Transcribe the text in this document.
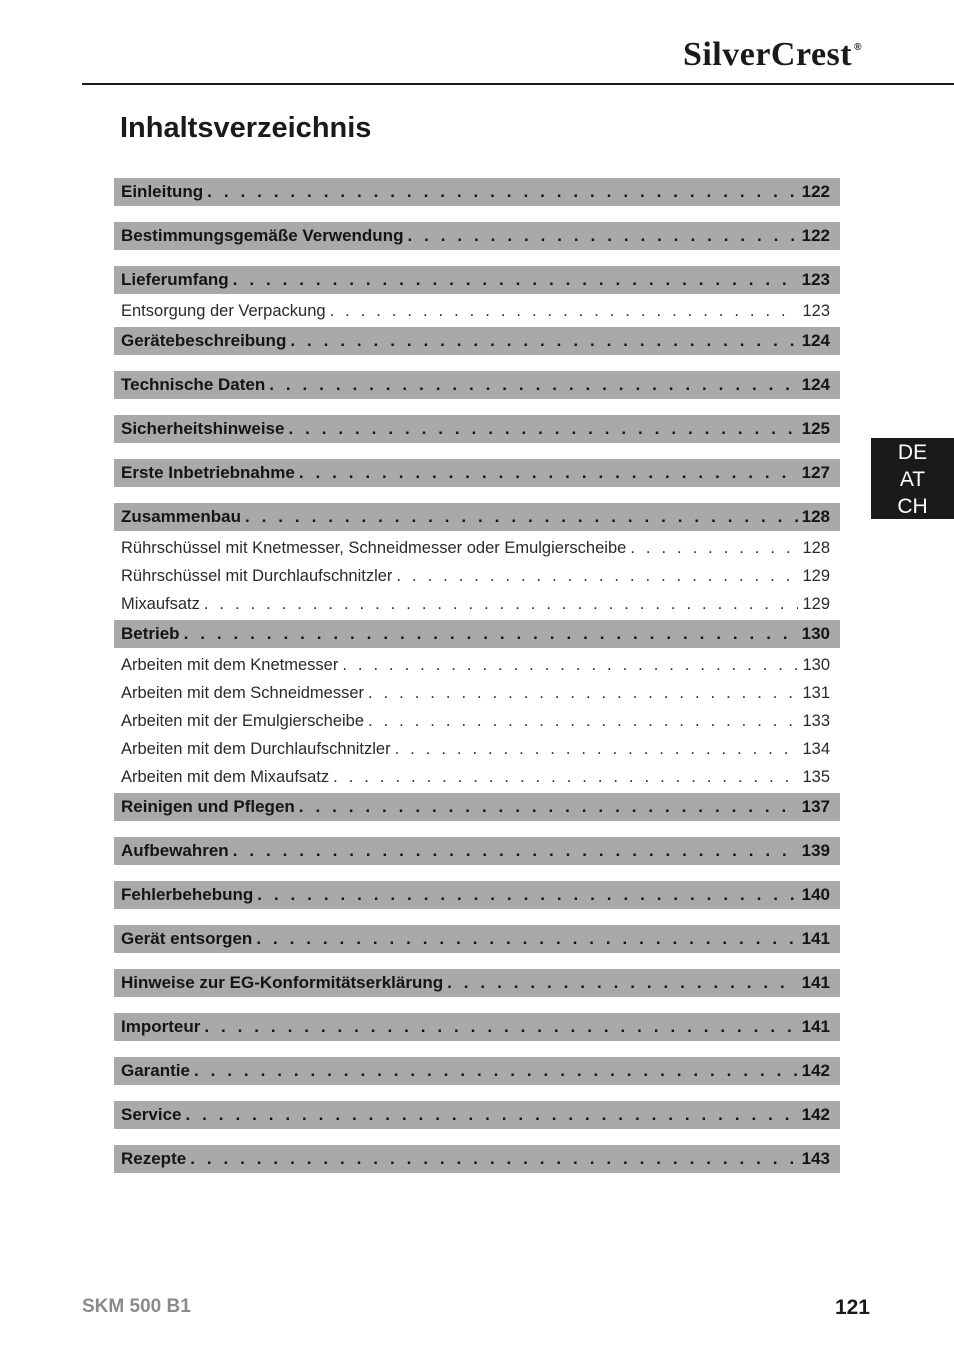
SilverCrest ®
Inhaltsverzeichnis
Einleitung . . .	122
Bestimmungsgemäße Verwendung . . .	122
Lieferumfang . . .	123
Entsorgung der Verpackung . . .	123
Gerätebeschreibung . . .	124
Technische Daten . . .	124
Sicherheitshinweise . . .	125
Erste Inbetriebnahme . . .	127
Zusammenbau . . .	128
Rührschüssel mit Knetmesser, Schneidmesser oder Emulgierscheibe . . .	128
Rührschüssel mit Durchlaufschnitzler . . .	129
Mixaufsatz . . .	129
Betrieb . . .	130
Arbeiten mit dem Knetmesser . . .	130
Arbeiten mit dem Schneidmesser . . .	131
Arbeiten mit der Emulgierscheibe . . .	133
Arbeiten mit dem Durchlaufschnitzler . . .	134
Arbeiten mit dem Mixaufsatz . . .	135
Reinigen und Pflegen . . .	137
Aufbewahren . . .	139
Fehlerbehebung . . .	140
Gerät entsorgen . . .	141
Hinweise zur EG-Konformitätserklärung . . .	141
Importeur . . .	141
Garantie . . .	142
Service . . .	142
Rezepte . . .	143
DE
AT
CH
SKM 500 B1	121
